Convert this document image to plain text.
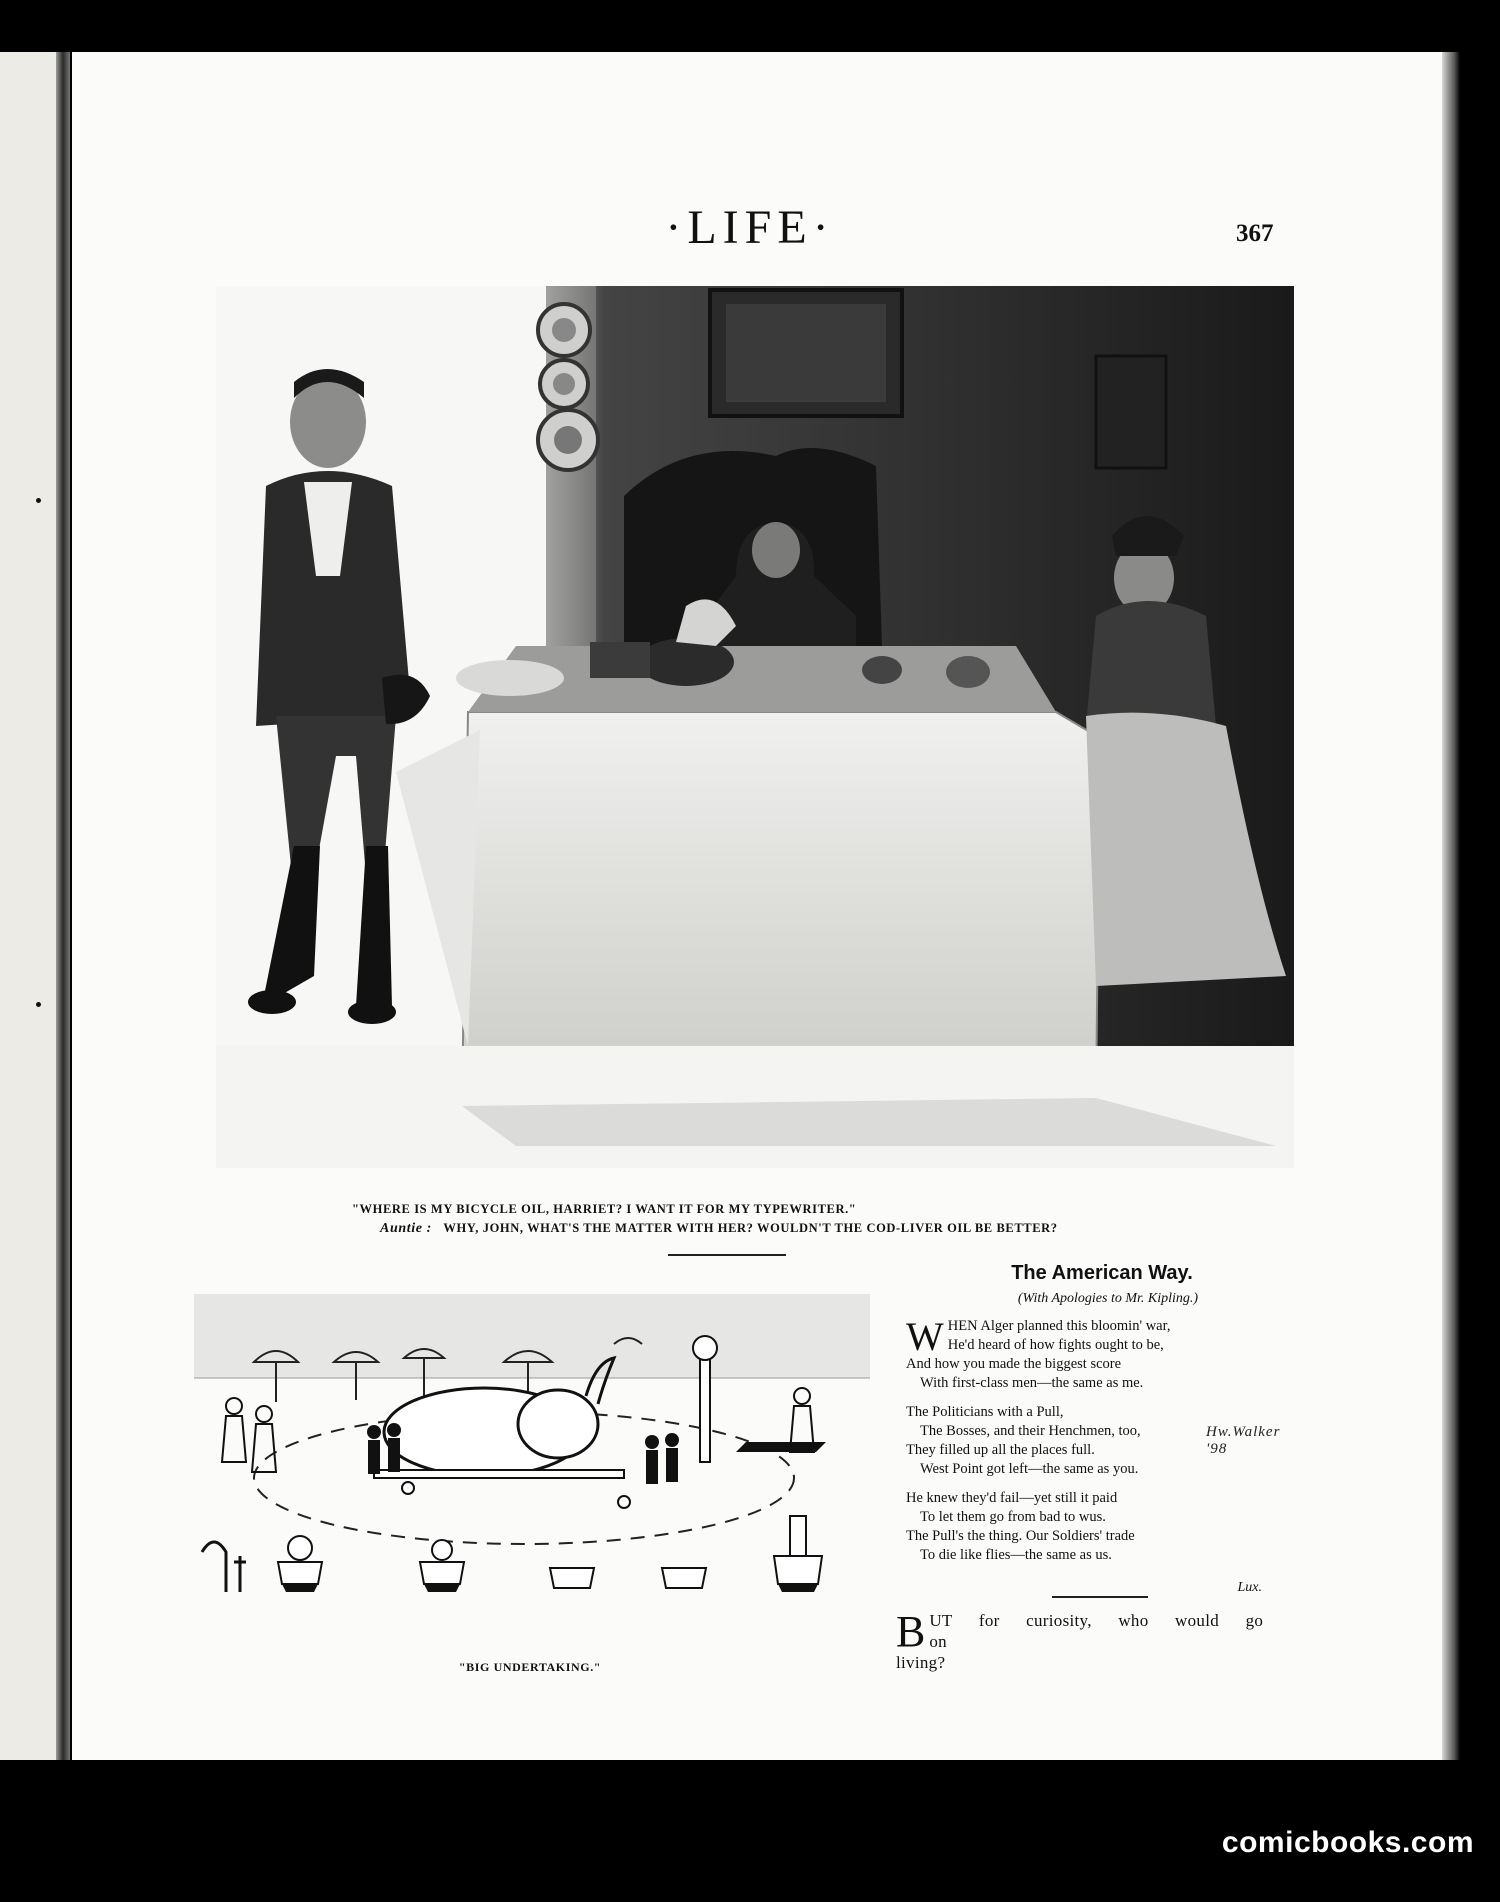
·LIFE·	367
Hw.Walker '98
"WHERE IS MY BICYCLE OIL, HARRIET? I WANT IT FOR MY TYPEWRITER."
Auntie : WHY, JOHN, WHAT'S THE MATTER WITH HER? WOULDN'T THE COD-LIVER OIL BE BETTER?
"BIG UNDERTAKING."
The American Way.
(With Apologies to Mr. Kipling.)
W HEN Alger planned this bloomin' war,
He'd heard of how fights ought to be,
And how you made the biggest score
With first-class men—the same as me.
The Politicians with a Pull,
The Bosses, and their Henchmen, too,
They filled up all the places full.
West Point got left—the same as you.
He knew they'd fail—yet still it paid
To let them go from bad to wus.
The Pull's the thing. Our Soldiers' trade
To die like flies—the same as us.
Lux.
B UT for curiosity, who would go on
living?
comicbooks.com
